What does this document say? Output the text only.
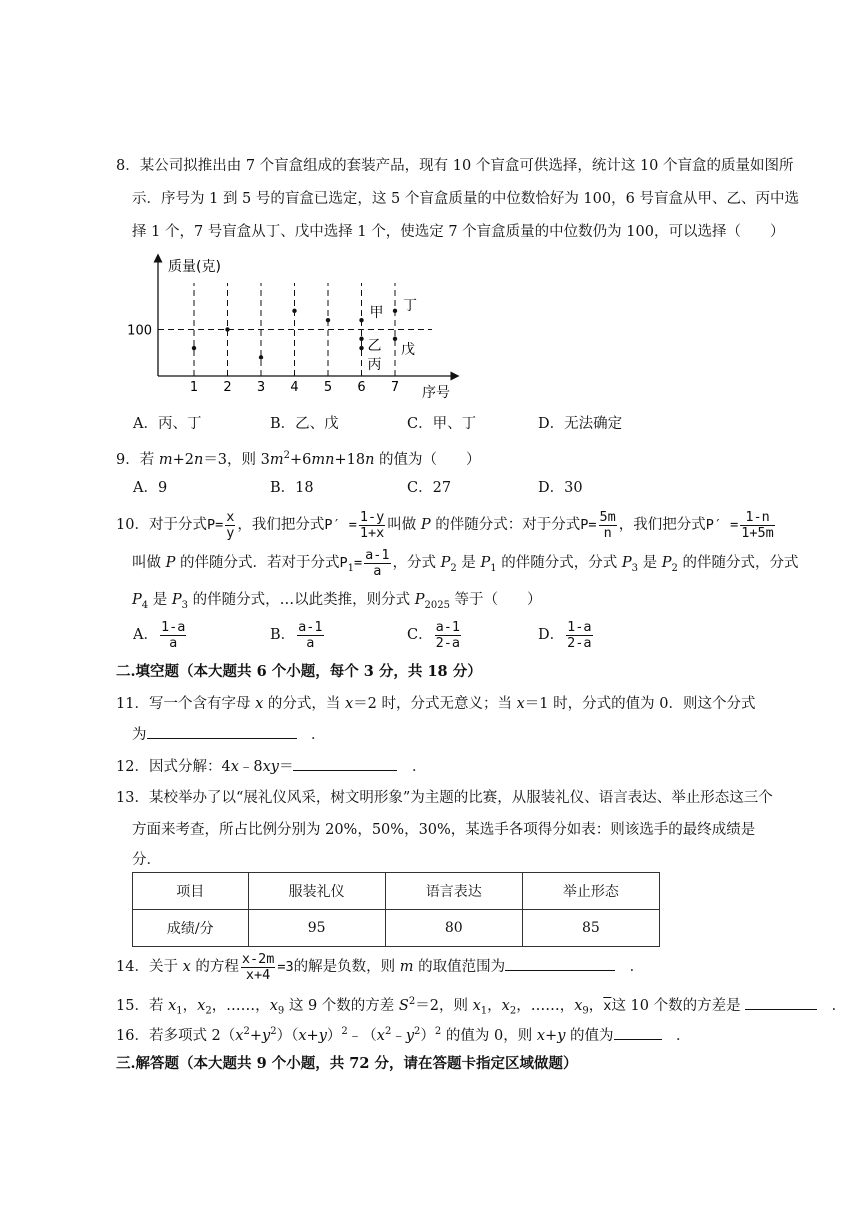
8．某公司拟推出由 7 个盲盒组成的套装产品，现有 10 个盲盒可供选择，统计这 10 个盲盒的质量如图所
示．序号为 1 到 5 号的盲盒已选定，这 5 个盲盒质量的中位数恰好为 100，6 号盲盒从甲、乙、丙中选
择 1 个，7 号盲盒从丁、戊中选择 1 个，使选定 7 个盲盒质量的中位数仍为 100，可以选择（　　）
质量(克)
序号
1 2 3 4 5 6 7
100
甲
乙
丙
丁
戊
A．丙、丁	B．乙、戊	C．甲、丁	D．无法确定
9．若 m+2n＝3，则 $3m^2+6mn+18n$ 的值为（　　）
A．9	B．18	C．27	D．30
10．对于分式$P= \frac{x}{y}$ ，我们把分式$P' = \frac{1-y}{1+x}$ 叫做 P 的伴随分式：对于分式$P= \frac{5m}{n}$ ，我们把分式$P' = \frac{1-n}{1+5m}$
叫做 P 的伴随分式．若对于分式$P_1= \frac{a-1}{a}$ ，分式 $P_2$ 是 $P_1$ 的伴随分式，分式 $P_3$ 是 $P_2$ 的伴随分式，分式
$P_4$ 是 $P_3$ 的伴随分式，…以此类推，则分式 $P_{2025}$ 等于（　　）
A． $\frac{1-a}{a}$	B． $\frac{a-1}{a}$	C． $\frac{a-1}{2-a}$	D． $\frac{1-a}{2-a}$
二.填空题（本大题共 6 个小题，每个 3 分，共 18 分）
11．写一个含有字母 x 的分式，当 x＝2 时，分式无意义；当 x＝1 时，分式的值为 0．则这个分式
为	　．
12．因式分解：4x﹣8xy＝	　．
13．某校举办了以“展礼仪风采，树文明形象”为主题的比赛，从服装礼仪、语言表达、举止形态这三个
方面来考查，所占比例分别为 20%，50%，30%，某选手各项得分如表：则该选手的最终成绩是
分．
项目	服装礼仪	语言表达	举止形态
成绩/分	95	80	85
14．关于 x 的方程 $\frac{x-2m}{x+4} =3$的解是负数，则 m 的取值范围为	　．
15．若 $x_1$，$x_2$，……，$x_9$ 这 9 个数的方差 $S^2=2$，则 $x_1$，$x_2$，……，$x_9$，$\overline{x}$这 10 个数的方差是	　．
16．若多项式 $2(x^2+y^2)(x+y)^2﹣(x^2﹣y^2)^2$ 的值为 0，则 x+y 的值为	　．
三.解答题（本大题共 9 个小题，共 72 分，请在答题卡指定区域做题）
